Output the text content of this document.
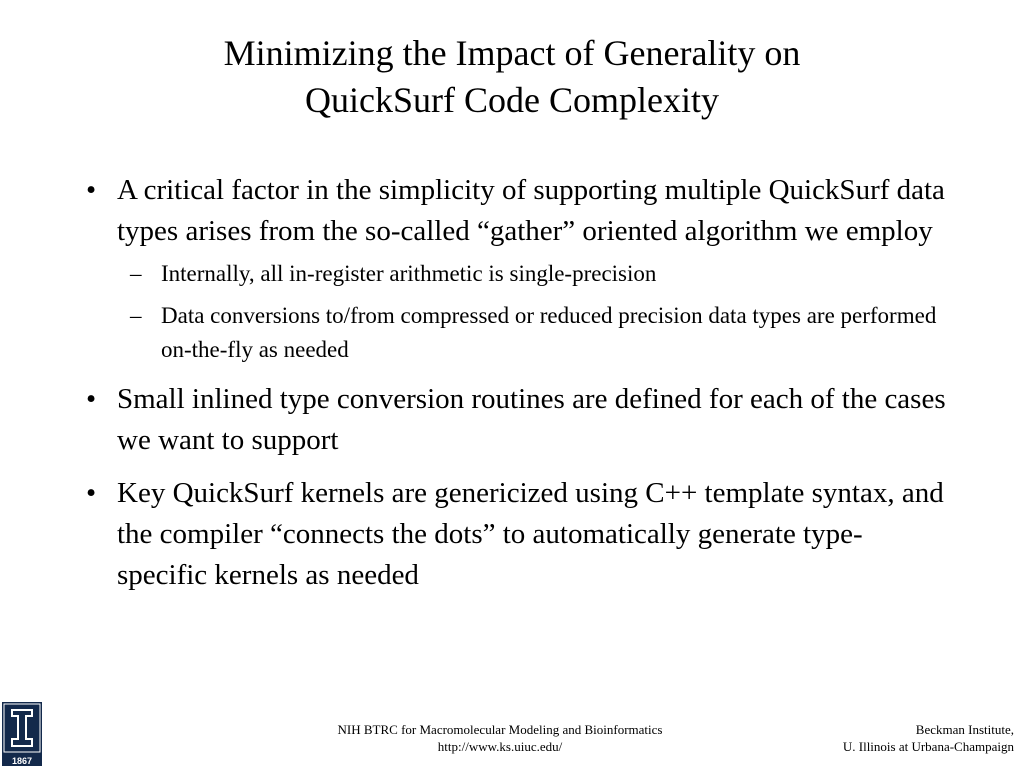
Minimizing the Impact of Generality on
QuickSurf Code Complexity
• A critical factor in the simplicity of supporting multiple QuickSurf data types arises from the so-called “gather” oriented algorithm we employ
– Internally, all in-register arithmetic is single-precision
– Data conversions to/from compressed or reduced precision data types are performed on-the-fly as needed
• Small inlined type conversion routines are defined for each of the cases we want to support
• Key QuickSurf kernels are genericized using C++ template syntax, and the compiler “connects the dots” to automatically generate type-specific kernels as needed
1867
NIH BTRC for Macromolecular Modeling and Bioinformatics
http://www.ks.uiuc.edu/
Beckman Institute,
U. Illinois at Urbana-Champaign
